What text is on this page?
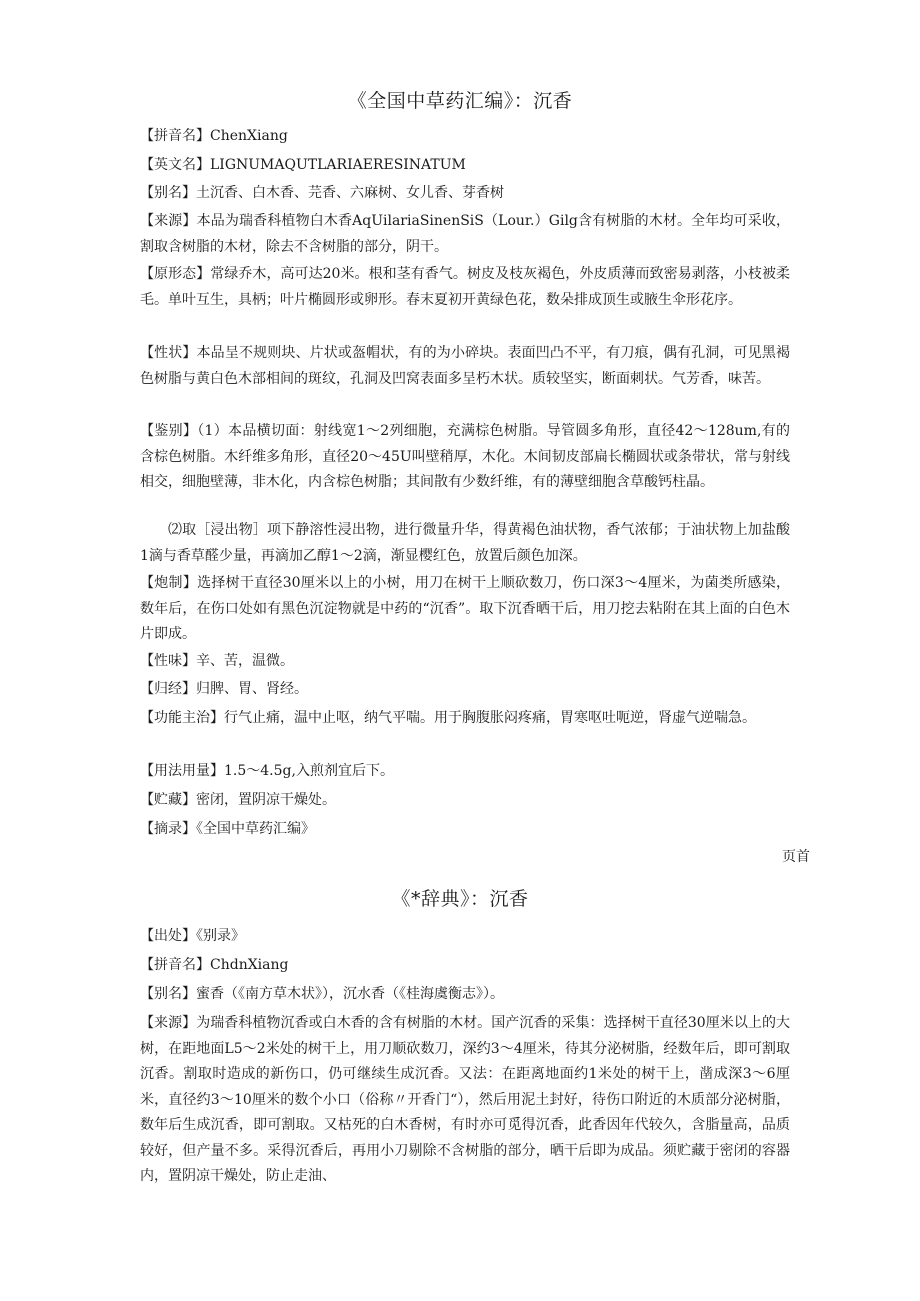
《全国中草药汇编》：沉香
【拼音名】ChenXiang
【英文名】LIGNUMAQUTLARIAERESINATUM
【别名】土沉香、白木香、芫香、六麻树、女儿香、芽香树
【来源】本品为瑞香科植物白木香AqUilariaSinenSiS（Lour.）Gilg含有树脂的木材。全年均可采收，割取含树脂的木材，除去不含树脂的部分，阴干。
【原形态】常绿乔木，高可达20米。根和茎有香气。树皮及枝灰褐色，外皮质薄而致密易剥落，小枝被柔毛。单叶互生，具柄；叶片椭圆形或卵形。春末夏初开黄绿色花，数朵排成顶生或腋生伞形花序。
【性状】本品呈不规则块、片状或盔帽状，有的为小碎块。表面凹凸不平，有刀痕，偶有孔洞，可见黑褐色树脂与黄白色木部相间的斑纹，孔洞及凹窝表面多呈朽木状。质较坚实，断面刺状。气芳香，味苦。
【鉴别】（1）本品横切面：射线宽1～2列细胞，充满棕色树脂。导管圆多角形，直径42～128um,有的含棕色树脂。木纤维多角形，直径20～45U叫壁稍厚，木化。木间韧皮部扁长椭圆状或条带状，常与射线相交，细胞壁薄，非木化，内含棕色树脂；其间散有少数纤维，有的薄壁细胞含草酸钙柱晶。
⑵取［浸出物］项下静溶性浸出物，进行微量升华，得黄褐色油状物，香气浓郁；于油状物上加盐酸1滴与香草醛少量，再滴加乙醇1～2滴，渐显樱红色，放置后颜色加深。
【炮制】选择树干直径30厘米以上的小树，用刀在树干上顺砍数刀，伤口深3～4厘米，为菌类所感染，数年后，在伤口处如有黑色沉淀物就是中药的“沉香”。取下沉香晒干后，用刀挖去粘附在其上面的白色木片即成。
【性味】辛、苦，温微。
【归经】归脾、胃、肾经。
【功能主治】行气止痛，温中止呕，纳气平喘。用于胸腹胀闷疼痛，胃寒呕吐呃逆，肾虚气逆喘急。
【用法用量】1.5～4.5g,入煎剂宜后下。
【贮藏】密闭，置阴凉干燥处。
【摘录】《全国中草药汇编》
页首
《*辞典》：沉香
【出处】《别录》
【拼音名】ChdnXiang
【别名】蜜香（《南方草木状》），沉水香（《桂海虞衡志》）。
【来源】为瑞香科植物沉香或白木香的含有树脂的木材。国产沉香的采集：选择树干直径30厘米以上的大树，在距地面L5～2米处的树干上，用刀顺砍数刀，深约3～4厘米，待其分泌树脂，经数年后，即可割取沉香。割取时造成的新伤口，仍可继续生成沉香。又法：在距离地面约1米处的树干上，凿成深3～6厘米，直径约3～10厘米的数个小口（俗称〃开香门“），然后用泥土封好，待伤口附近的木质部分泌树脂，数年后生成沉香，即可割取。又枯死的白木香树，有时亦可觅得沉香，此香因年代较久，含脂量高，品质较好，但产量不多。采得沉香后，再用小刀剔除不含树脂的部分，晒干后即为成品。须贮藏于密闭的容器内，置阴凉干燥处，防止走油、
